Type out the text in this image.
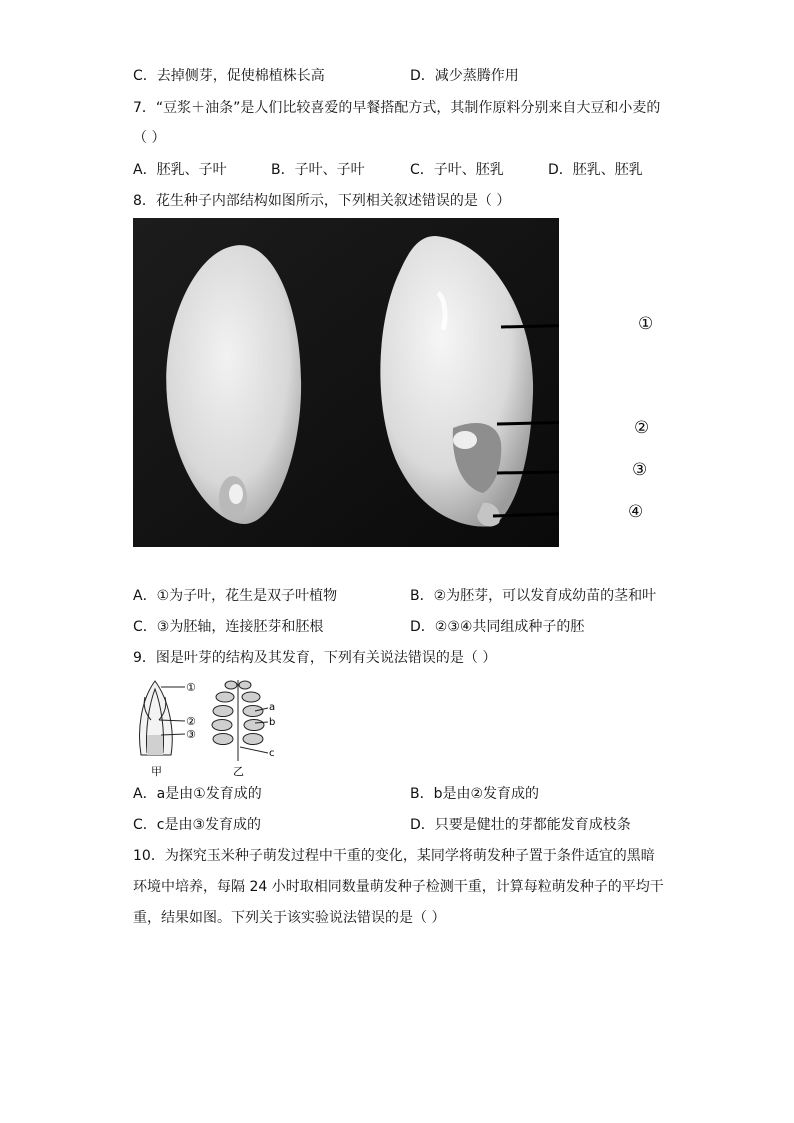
C．去掉侧芽，促使棉植株长高	D．减少蒸腾作用
7．“豆浆＋油条”是人们比较喜爱的早餐搭配方式，其制作原料分别来自大豆和小麦的
（ ）
A．胚乳、子叶	B．子叶、子叶	C．子叶、胚乳	D．胚乳、胚乳
8．花生种子内部结构如图所示，下列相关叙述错误的是（ ）
①
②
③
④
A．①为子叶，花生是双子叶植物	B．②为胚芽，可以发育成幼苗的茎和叶
C．③为胚轴，连接胚芽和胚根	D．②③④共同组成种子的胚
9．图是叶芽的结构及其发育，下列有关说法错误的是（ ）
①
②
③
甲
a
b
c
乙
A．a是由①发育成的	B．b是由②发育成的
C．c是由③发育成的	D．只要是健壮的芽都能发育成枝条
10．为探究玉米种子萌发过程中干重的变化，某同学将萌发种子置于条件适宜的黑暗
环境中培养，每隔 24 小时取相同数量萌发种子检测干重，计算每粒萌发种子的平均干
重，结果如图。下列关于该实验说法错误的是（ ）
